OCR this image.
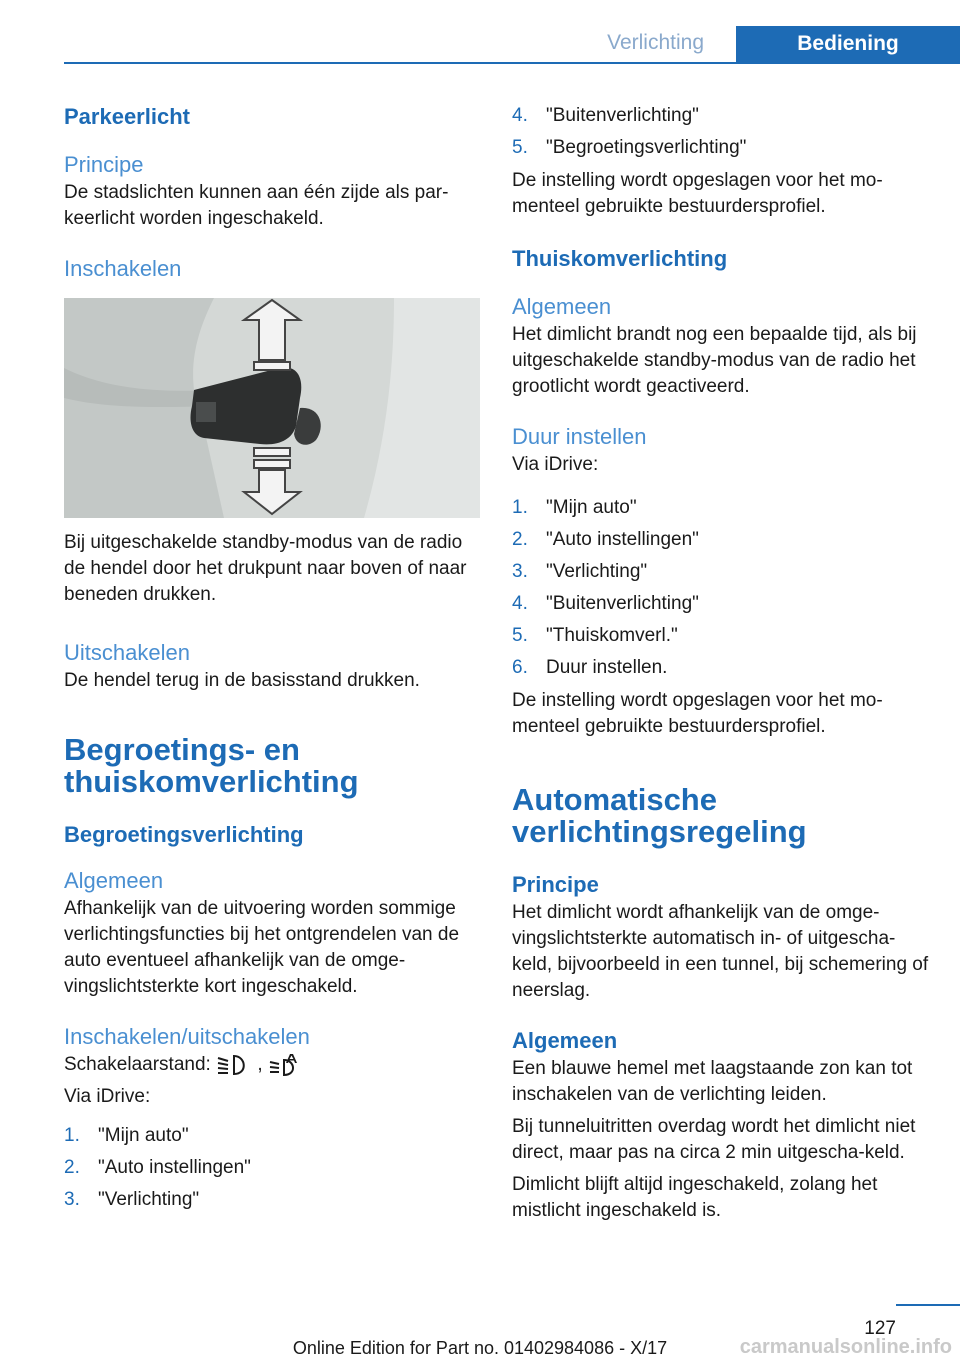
Verlichting	Bediening
Parkeerlicht
Principe

De stadslichten kunnen aan één zijde als par-keerlicht worden ingeschakeld.

Inschakelen

Bij uitgeschakelde standby-modus van de radio de hendel door het drukpunt naar boven of naar beneden drukken.

Uitschakelen

De hendel terug in de basisstand drukken.

Begroetings- en
thuiskomverlichting
Begroetingsverlichting
Algemeen

Afhankelijk van de uitvoering worden sommige verlichtingsfuncties bij het ontgrendelen van de auto eventueel afhankelijk van de omge-vingslichtsterkte kort ingeschakeld.

Inschakelen/uitschakelen

Schakelaarstand: ,

Via iDrive:

1. "Mijn auto"
2. "Auto instellingen"
3. "Verlichting"
4. "Buitenverlichting"
5. "Begroetingsverlichting"

De instelling wordt opgeslagen voor het mo-menteel gebruikte bestuurdersprofiel.

Thuiskomverlichting
Algemeen

Het dimlicht brandt nog een bepaalde tijd, als bij uitgeschakelde standby-modus van de radio het grootlicht wordt geactiveerd.

Duur instellen

Via iDrive:

1. "Mijn auto"
2. "Auto instellingen"
3. "Verlichting"
4. "Buitenverlichting"
5. "Thuiskomverl."
6. Duur instellen.

De instelling wordt opgeslagen voor het mo-menteel gebruikte bestuurdersprofiel.

Automatische
verlichtingsregeling
Principe

Het dimlicht wordt afhankelijk van de omge-vingslichtsterkte automatisch in- of uitgescha-keld, bijvoorbeeld in een tunnel, bij schemering of neerslag.

Algemeen

Een blauwe hemel met laagstaande zon kan tot inschakelen van de verlichting leiden.

Bij tunneluitritten overdag wordt het dimlicht niet direct, maar pas na circa 2 min uitgescha-keld.

Dimlicht blijft altijd ingeschakeld, zolang het mistlicht ingeschakeld is.

127
Online Edition for Part no. 01402984086 - X/17	carmanualsonline.info
